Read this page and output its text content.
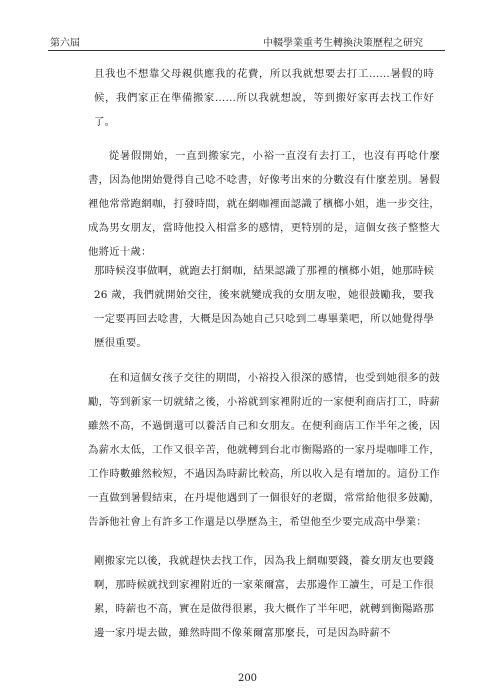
第六屆	中輟學業重考生轉換決策歷程之研究

且我也不想靠父母親供應我的花費，所以我就想要去打工……暑假的時候，我們家正在準備搬家……所以我就想說，等到搬好家再去找工作好了。

從暑假開始，一直到搬家完，小裕一直沒有去打工，也沒有再唸什麼書，因為他開始覺得自己唸不唸書，好像考出來的分數沒有什麼差別。暑假裡他常常跑網咖，打發時間，就在網咖裡面認識了檳榔小姐，進一步交往，成為男女朋友，當時他投入相當多的感情，更特別的是，這個女孩子整整大他將近十歲：

那時候沒事做啊，就跑去打網咖，結果認識了那裡的檳榔小姐，她那時候 26 歲，我們就開始交往，後來就變成我的女朋友啦，她很鼓勵我，要我一定要再回去唸書，大概是因為她自己只唸到二專畢業吧，所以她覺得學歷很重要。

在和這個女孩子交往的期間，小裕投入很深的感情，也受到她很多的鼓勵，等到新家一切就緒之後，小裕就到家裡附近的一家便利商店打工，時薪雖然不高，不過倒還可以養活自己和女朋友。在便利商店工作半年之後，因為薪水太低，工作又很辛苦，他就轉到台北市衡陽路的一家丹堤咖啡工作，工作時數雖然較短，不過因為時薪比較高，所以收入是有增加的。這份工作一直做到暑假結束，在丹堤他遇到了一個很好的老闆，常常給他很多鼓勵，告訴他社會上有許多工作還是以學歷為主，希望他至少要完成高中學業：

剛搬家完以後，我就趕快去找工作，因為我上網咖要錢，養女朋友也要錢啊，那時候就找到家裡附近的一家萊爾富，去那邊作工讀生，可是工作很累，時薪也不高，實在是做得很累，我大概作了半年吧，就轉到衡陽路那邊一家丹堤去做，雖然時間不像萊爾富那麼長，可是因為時薪不

200
